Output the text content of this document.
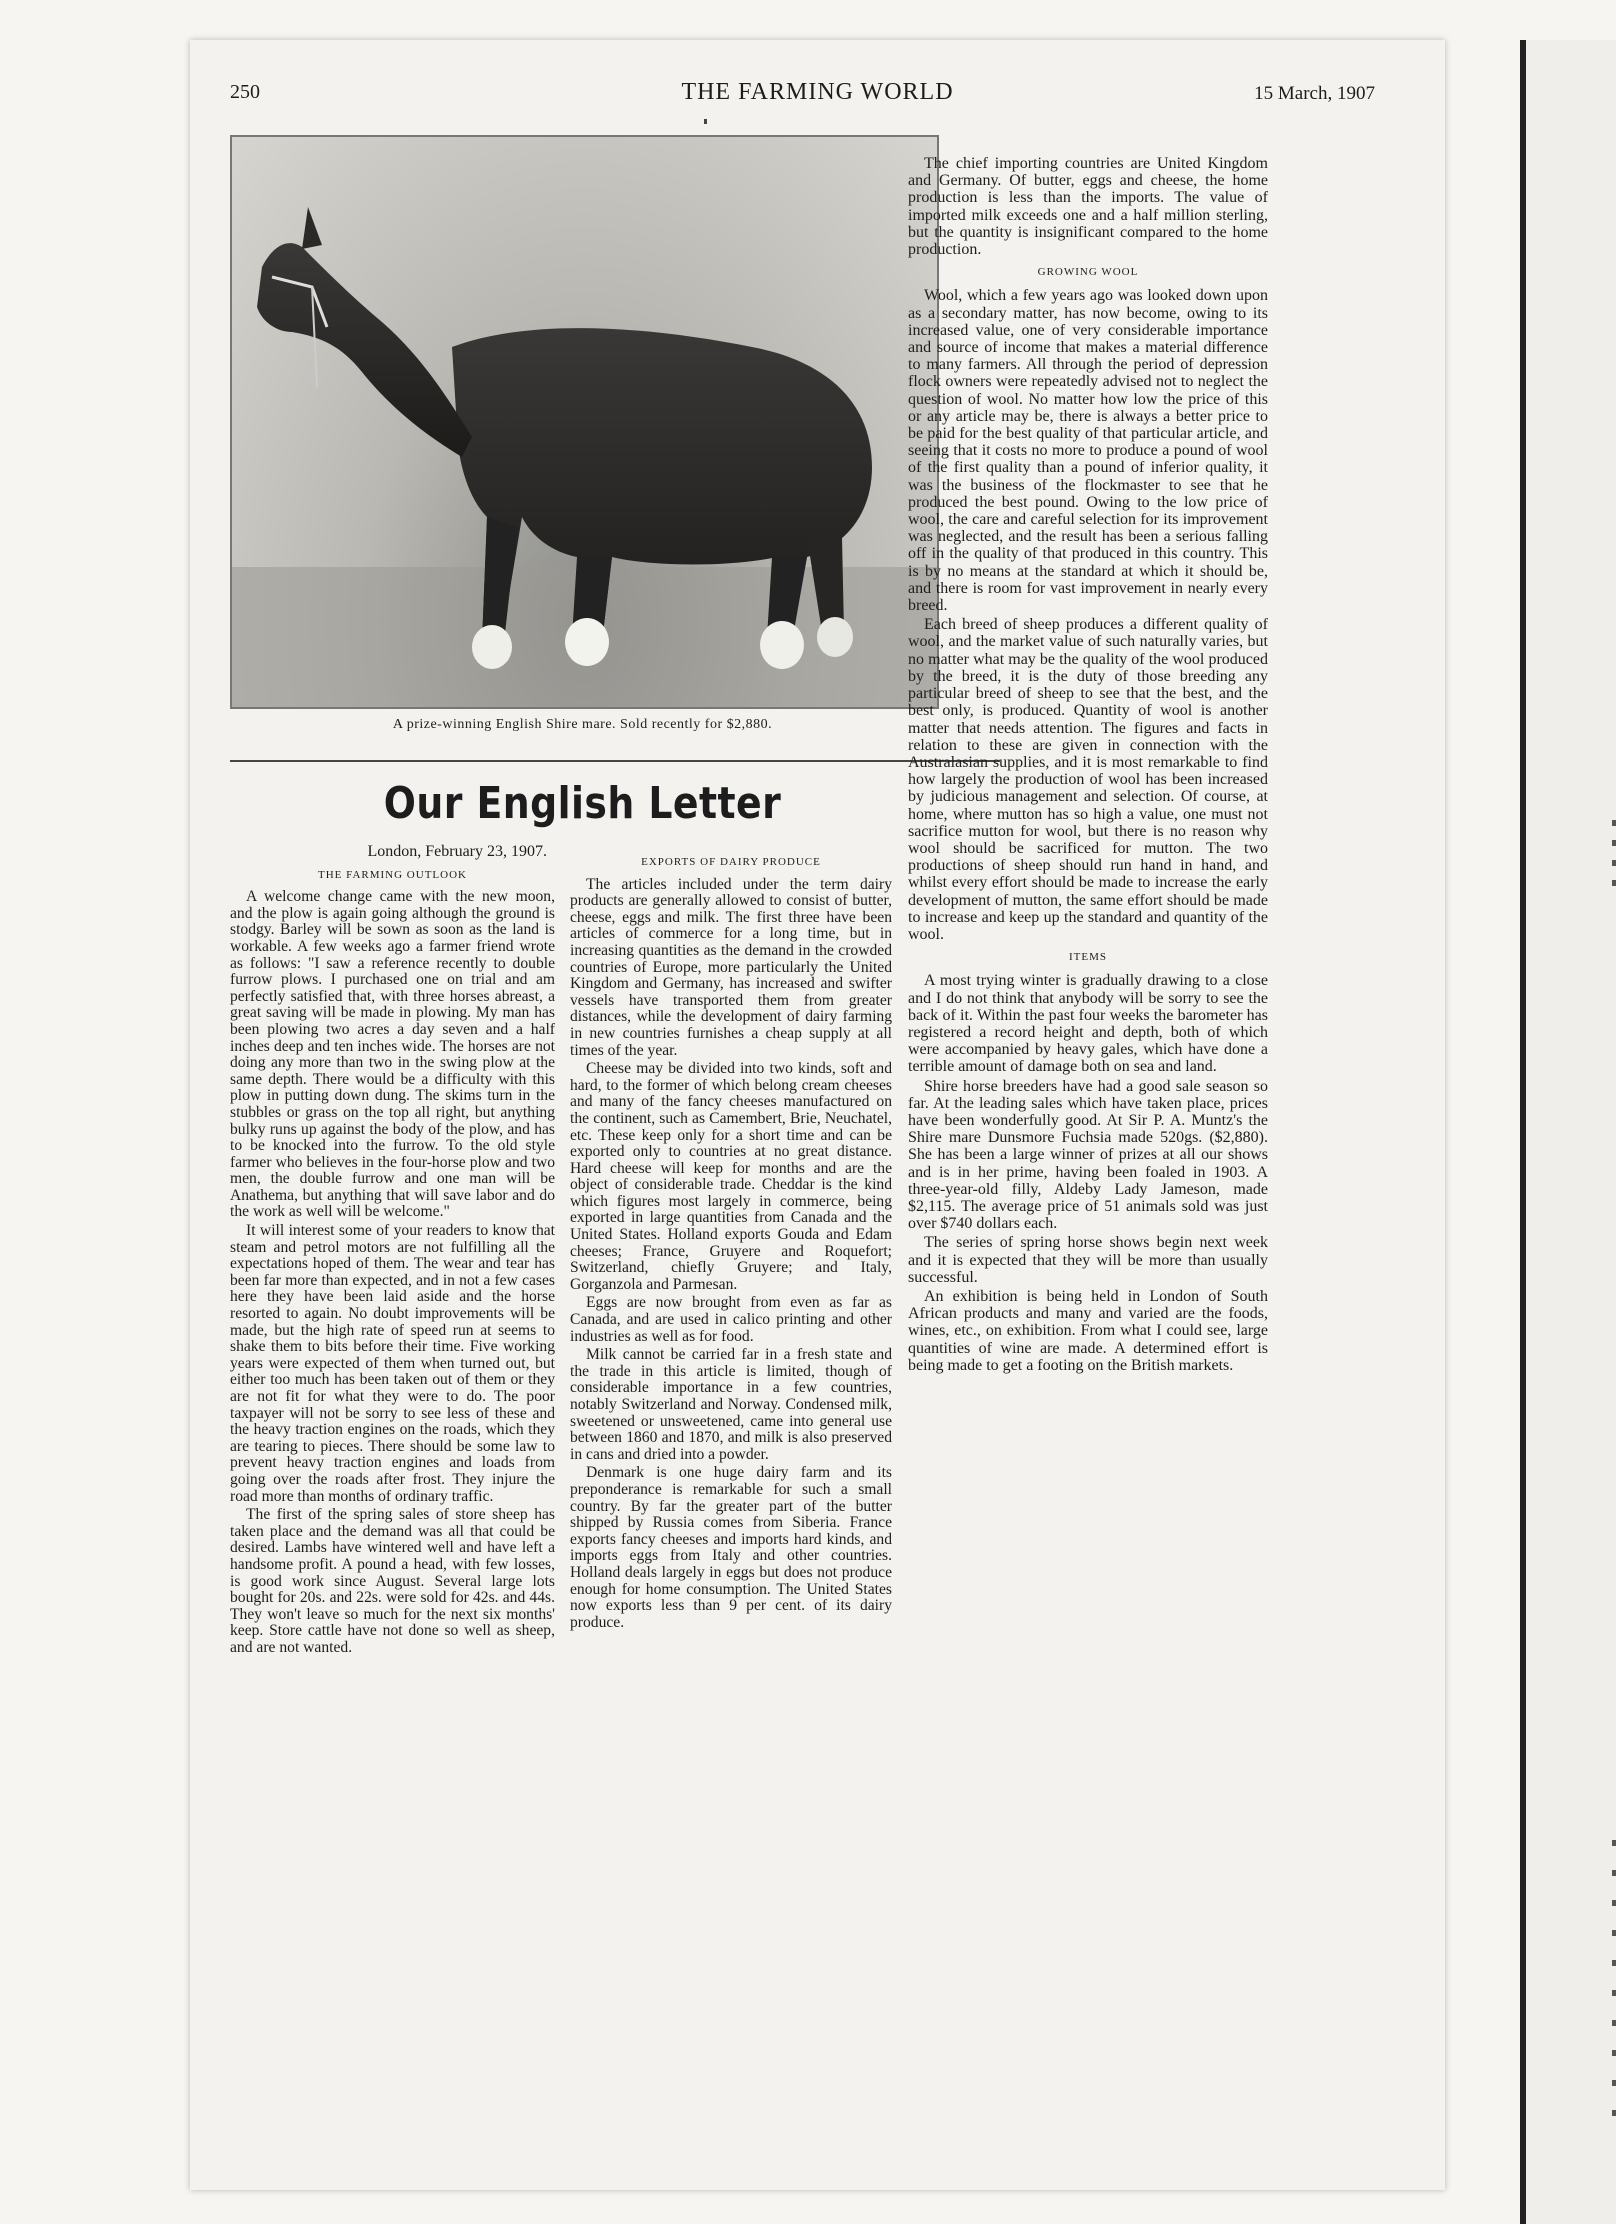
250	THE FARMING WORLD	15 March, 1907
A prize-winning English Shire mare. Sold recently for $2,880.
Our English Letter
London, February 23, 1907.
THE FARMING OUTLOOK

A welcome change came with the new moon, and the plow is again going although the ground is stodgy. Barley will be sown as soon as the land is workable. A few weeks ago a farmer friend wrote as follows: "I saw a reference recently to double furrow plows. I purchased one on trial and am perfectly satisfied that, with three horses abreast, a great saving will be made in plowing. My man has been plowing two acres a day seven and a half inches deep and ten inches wide. The horses are not doing any more than two in the swing plow at the same depth. There would be a difficulty with this plow in putting down dung. The skims turn in the stubbles or grass on the top all right, but anything bulky runs up against the body of the plow, and has to be knocked into the furrow. To the old style farmer who believes in the four-horse plow and two men, the double furrow and one man will be Anathema, but anything that will save labor and do the work as well will be welcome."

It will interest some of your readers to know that steam and petrol motors are not fulfilling all the expectations hoped of them. The wear and tear has been far more than expected, and in not a few cases here they have been laid aside and the horse resorted to again. No doubt improvements will be made, but the high rate of speed run at seems to shake them to bits before their time. Five working years were expected of them when turned out, but either too much has been taken out of them or they are not fit for what they were to do. The poor taxpayer will not be sorry to see less of these and the heavy traction engines on the roads, which they are tearing to pieces. There should be some law to prevent heavy traction engines and loads from going over the roads after frost. They injure the road more than months of ordinary traffic.

The first of the spring sales of store sheep has taken place and the demand was all that could be desired. Lambs have wintered well and have left a handsome profit. A pound a head, with few losses, is good work since August. Several large lots bought for 20s. and 22s. were sold for 42s. and 44s. They won't leave so much for the next six months' keep. Store cattle have not done so well as sheep, and are not wanted.

EXPORTS OF DAIRY PRODUCE

The articles included under the term dairy products are generally allowed to consist of butter, cheese, eggs and milk. The first three have been articles of commerce for a long time, but in increasing quantities as the demand in the crowded countries of Europe, more particularly the United Kingdom and Germany, has increased and swifter vessels have transported them from greater distances, while the development of dairy farming in new countries furnishes a cheap supply at all times of the year.

Cheese may be divided into two kinds, soft and hard, to the former of which belong cream cheeses and many of the fancy cheeses manufactured on the continent, such as Camembert, Brie, Neuchatel, etc. These keep only for a short time and can be exported only to countries at no great distance. Hard cheese will keep for months and are the object of considerable trade. Cheddar is the kind which figures most largely in commerce, being exported in large quantities from Canada and the United States. Holland exports Gouda and Edam cheeses; France, Gruyere and Roquefort; Switzerland, chiefly Gruyere; and Italy, Gorganzola and Parmesan.

Eggs are now brought from even as far as Canada, and are used in calico printing and other industries as well as for food.

Milk cannot be carried far in a fresh state and the trade in this article is limited, though of considerable importance in a few countries, notably Switzerland and Norway. Condensed milk, sweetened or unsweetened, came into general use between 1860 and 1870, and milk is also preserved in cans and dried into a powder.

Denmark is one huge dairy farm and its preponderance is remarkable for such a small country. By far the greater part of the butter shipped by Russia comes from Siberia. France exports fancy cheeses and imports hard kinds, and imports eggs from Italy and other countries. Holland deals largely in eggs but does not produce enough for home consumption. The United States now exports less than 9 per cent. of its dairy produce.

The chief importing countries are United Kingdom and Germany. Of butter, eggs and cheese, the home production is less than the imports. The value of imported milk exceeds one and a half million sterling, but the quantity is insignificant compared to the home production.

GROWING WOOL

Wool, which a few years ago was looked down upon as a secondary matter, has now become, owing to its increased value, one of very considerable importance and source of income that makes a material difference to many farmers. All through the period of depression flock owners were repeatedly advised not to neglect the question of wool. No matter how low the price of this or any article may be, there is always a better price to be paid for the best quality of that particular article, and seeing that it costs no more to produce a pound of wool of the first quality than a pound of inferior quality, it was the business of the flockmaster to see that he produced the best pound. Owing to the low price of wool, the care and careful selection for its improvement was neglected, and the result has been a serious falling off in the quality of that produced in this country. This is by no means at the standard at which it should be, and there is room for vast improvement in nearly every breed.

Each breed of sheep produces a different quality of wool, and the market value of such naturally varies, but no matter what may be the quality of the wool produced by the breed, it is the duty of those breeding any particular breed of sheep to see that the best, and the best only, is produced. Quantity of wool is another matter that needs attention. The figures and facts in relation to these are given in connection with the Australasian supplies, and it is most remarkable to find how largely the production of wool has been increased by judicious management and selection. Of course, at home, where mutton has so high a value, one must not sacrifice mutton for wool, but there is no reason why wool should be sacrificed for mutton. The two productions of sheep should run hand in hand, and whilst every effort should be made to increase the early development of mutton, the same effort should be made to increase and keep up the standard and quantity of the wool.

ITEMS

A most trying winter is gradually drawing to a close and I do not think that anybody will be sorry to see the back of it. Within the past four weeks the barometer has registered a record height and depth, both of which were accompanied by heavy gales, which have done a terrible amount of damage both on sea and land.

Shire horse breeders have had a good sale season so far. At the leading sales which have taken place, prices have been wonderfully good. At Sir P. A. Muntz's the Shire mare Dunsmore Fuchsia made 520gs. ($2,880). She has been a large winner of prizes at all our shows and is in her prime, having been foaled in 1903. A three-year-old filly, Aldeby Lady Jameson, made $2,115. The average price of 51 animals sold was just over $740 dollars each.

The series of spring horse shows begin next week and it is expected that they will be more than usually successful.

An exhibition is being held in London of South African products and many and varied are the foods, wines, etc., on exhibition. From what I could see, large quantities of wine are made. A determined effort is being made to get a footing on the British markets.
